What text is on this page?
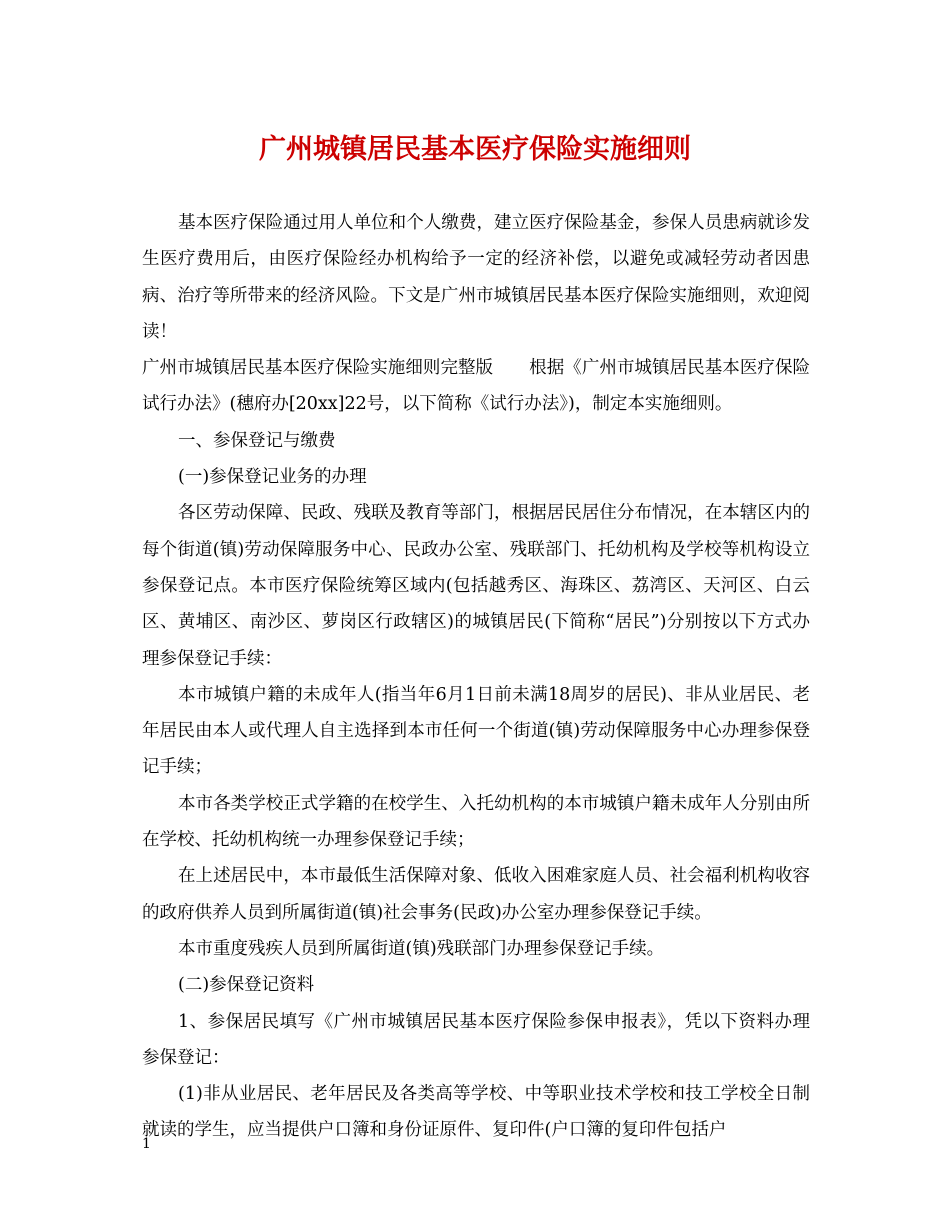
广州城镇居民基本医疗保险实施细则

基本医疗保险通过用人单位和个人缴费，建立医疗保险基金，参保人员患病就诊发生医疗费用后，由医疗保险经办机构给予一定的经济补偿，以避免或减轻劳动者因患病、治疗等所带来的经济风险。下文是广州市城镇居民基本医疗保险实施细则，欢迎阅读！

广州市城镇居民基本医疗保险实施细则完整版 根据《广州市城镇居民基本医疗保险试行办法》(穗府办[20xx]22号，以下简称《试行办法》)，制定本实施细则。

一、参保登记与缴费

(一)参保登记业务的办理

各区劳动保障、民政、残联及教育等部门，根据居民居住分布情况，在本辖区内的每个街道(镇)劳动保障服务中心、民政办公室、残联部门、托幼机构及学校等机构设立参保登记点。本市医疗保险统筹区域内(包括越秀区、海珠区、荔湾区、天河区、白云区、黄埔区、南沙区、萝岗区行政辖区)的城镇居民(下简称“居民”)分别按以下方式办理参保登记手续：

本市城镇户籍的未成年人(指当年6月1日前未满18周岁的居民)、非从业居民、老年居民由本人或代理人自主选择到本市任何一个街道(镇)劳动保障服务中心办理参保登记手续；

本市各类学校正式学籍的在校学生、入托幼机构的本市城镇户籍未成年人分别由所在学校、托幼机构统一办理参保登记手续；

在上述居民中，本市最低生活保障对象、低收入困难家庭人员、社会福利机构收容的政府供养人员到所属街道(镇)社会事务(民政)办公室办理参保登记手续。

本市重度残疾人员到所属街道(镇)残联部门办理参保登记手续。

(二)参保登记资料

1、参保居民填写《广州市城镇居民基本医疗保险参保申报表》，凭以下资料办理参保登记：

(1)非从业居民、老年居民及各类高等学校、中等职业技术学校和技工学校全日制就读的学生，应当提供户口簿和身份证原件、复印件(户口簿的复印件包括户

1
